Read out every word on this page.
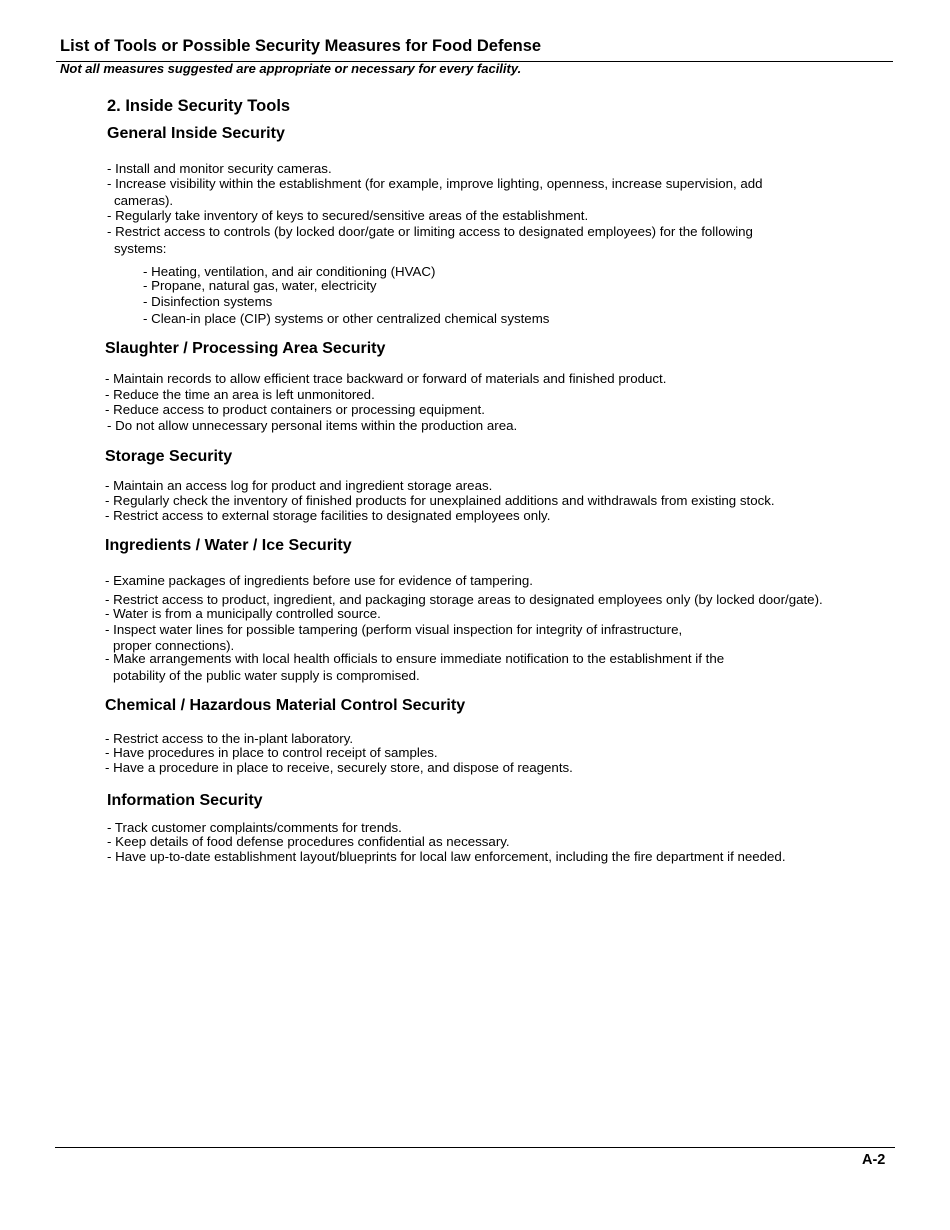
List of Tools or Possible Security Measures for Food Defense
Not all measures suggested are appropriate or necessary for every facility.
2. Inside Security Tools
General Inside Security
- Install and monitor security cameras.
- Increase visibility within the establishment (for example, improve lighting, openness, increase supervision, add
cameras).
- Regularly take inventory of keys to secured/sensitive areas of the establishment.
- Restrict access to controls (by locked door/gate or limiting access to designated employees) for the following
systems:
- Heating, ventilation, and air conditioning (HVAC)
- Propane, natural gas, water, electricity
- Disinfection systems
- Clean-in place (CIP) systems or other centralized chemical systems
Slaughter / Processing Area Security
- Maintain records to allow efficient trace backward or forward of materials and finished product.
- Reduce the time an area is left unmonitored.
- Reduce access to product containers or processing equipment.
- Do not allow unnecessary personal items within the production area.
Storage Security
- Maintain an access log for product and ingredient storage areas.
- Regularly check the inventory of finished products for unexplained additions and withdrawals from existing stock.
- Restrict access to external storage facilities to designated employees only.
Ingredients / Water / Ice Security
- Examine packages of ingredients before use for evidence of tampering.
- Restrict access to product, ingredient, and packaging storage areas to designated employees only (by locked door/gate).
- Water is from a municipally controlled source.
- Inspect water lines for possible tampering (perform visual inspection for integrity of infrastructure,
proper connections).
- Make arrangements with local health officials to ensure immediate notification to the establishment if the
potability of the public water supply is compromised.
Chemical / Hazardous Material Control Security
- Restrict access to the in-plant laboratory.
- Have procedures in place to control receipt of samples.
- Have a procedure in place to receive, securely store, and dispose of reagents.
Information Security
- Track customer complaints/comments for trends.
- Keep details of food defense procedures confidential as necessary.
- Have up-to-date establishment layout/blueprints for local law enforcement, including the fire department if needed.
A-2
